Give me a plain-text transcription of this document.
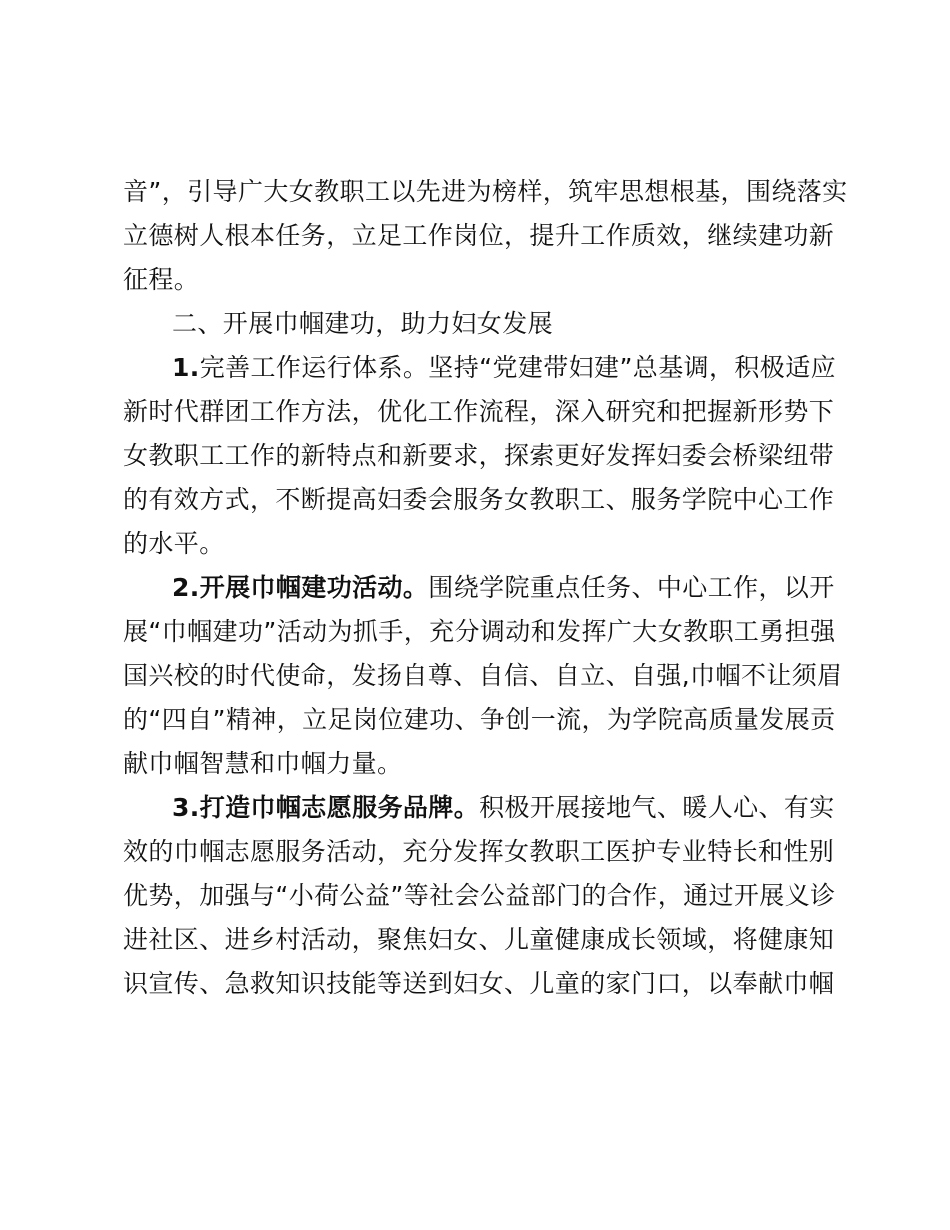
音”，引导广大女教职工以先进为榜样，筑牢思想根基，围绕落实
立德树人根本任务，立足工作岗位，提升工作质效，继续建功新
征程。
二、开展巾帼建功，助力妇女发展
1.完善工作运行体系。坚持“党建带妇建”总基调，积极适应
新时代群团工作方法，优化工作流程，深入研究和把握新形势下
女教职工工作的新特点和新要求，探索更好发挥妇委会桥梁纽带
的有效方式，不断提高妇委会服务女教职工、服务学院中心工作
的水平。
2.开展巾帼建功活动。围绕学院重点任务、中心工作，以开
展“巾帼建功”活动为抓手，充分调动和发挥广大女教职工勇担强
国兴校的时代使命，发扬自尊、自信、自立、自强,巾帼不让须眉
的“四自”精神，立足岗位建功、争创一流，为学院高质量发展贡
献巾帼智慧和巾帼力量。
3.打造巾帼志愿服务品牌。积极开展接地气、暖人心、有实
效的巾帼志愿服务活动，充分发挥女教职工医护专业特长和性别
优势，加强与“小荷公益”等社会公益部门的合作，通过开展义诊
进社区、进乡村活动，聚焦妇女、儿童健康成长领域，将健康知
识宣传、急救知识技能等送到妇女、儿童的家门口，以奉献巾帼
